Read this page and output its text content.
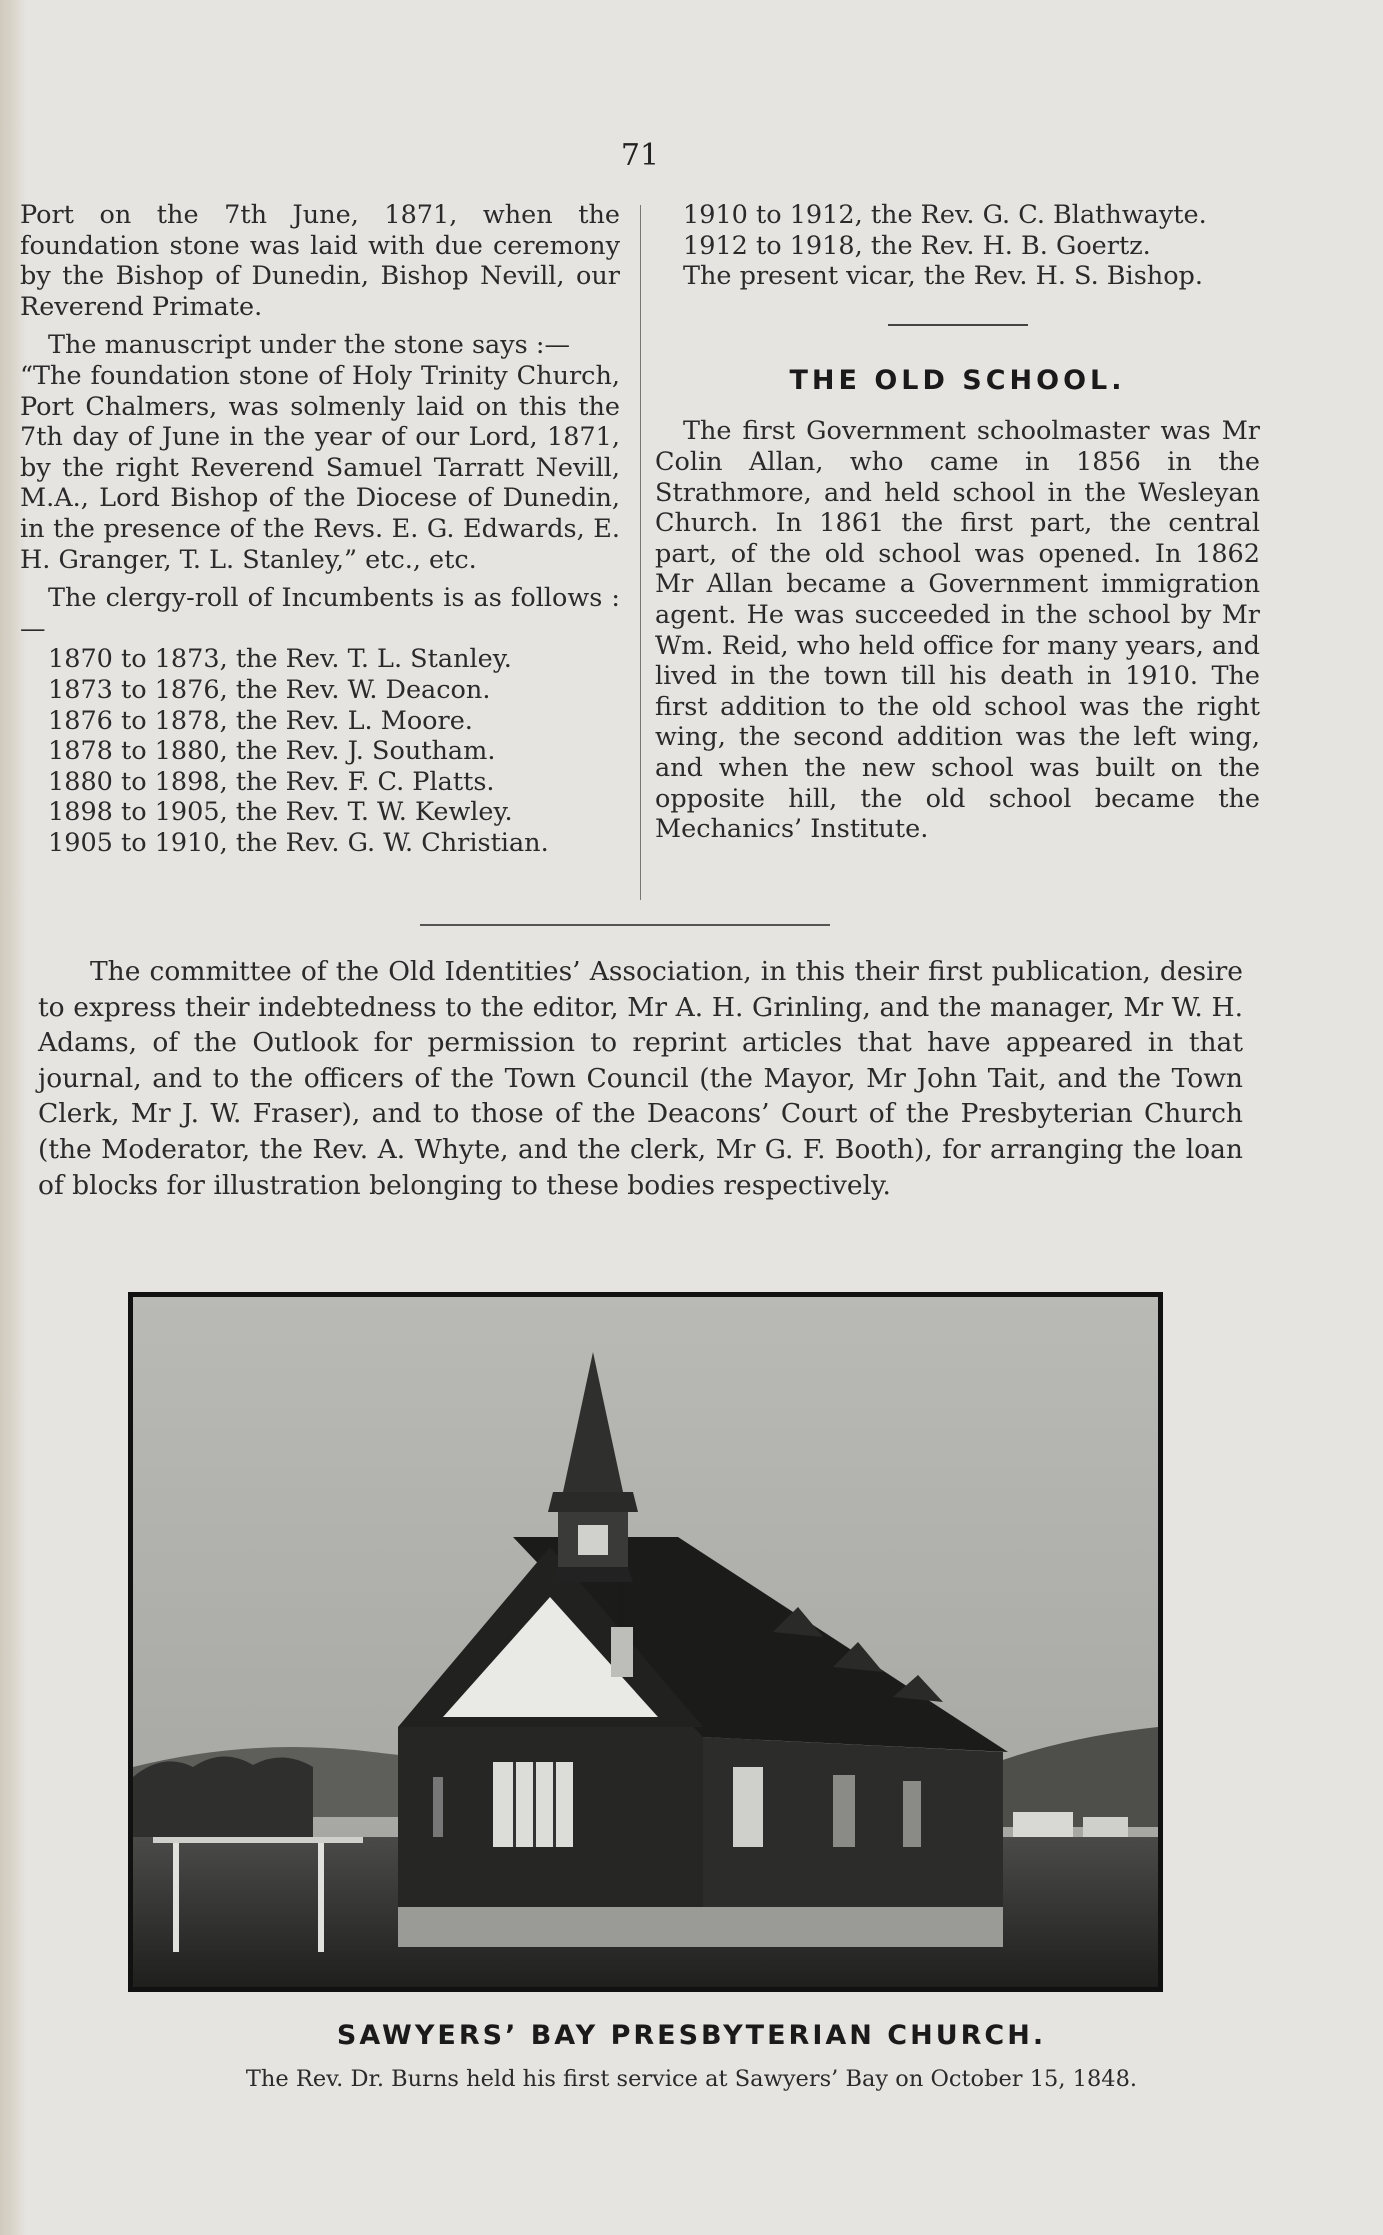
71

Port on the 7th June, 1871, when the foundation stone was laid with due ceremony by the Bishop of Dunedin, Bishop Nevill, our Reverend Primate.

The manuscript under the stone says :—

“The foundation stone of Holy Trinity Church, Port Chalmers, was solmenly laid on this the 7th day of June in the year of our Lord, 1871, by the right Reverend Samuel Tarratt Nevill, M.A., Lord Bishop of the Diocese of Dunedin, in the presence of the Revs. E. G. Edwards, E. H. Granger, T. L. Stanley,” etc., etc.

The clergy-roll of Incumbents is as follows :—

1870 to 1873, the Rev. T. L. Stanley.
1873 to 1876, the Rev. W. Deacon.
1876 to 1878, the Rev. L. Moore.
1878 to 1880, the Rev. J. Southam.
1880 to 1898, the Rev. F. C. Platts.
1898 to 1905, the Rev. T. W. Kewley.
1905 to 1910, the Rev. G. W. Christian.
1910 to 1912, the Rev. G. C. Blathwayte.
1912 to 1918, the Rev. H. B. Goertz.
The present vicar, the Rev. H. S. Bishop.
THE OLD SCHOOL.

The first Government schoolmaster was Mr Colin Allan, who came in 1856 in the Strathmore, and held school in the Wesleyan Church. In 1861 the first part, the central part, of the old school was opened. In 1862 Mr Allan became a Government immigration agent. He was succeeded in the school by Mr Wm. Reid, who held office for many years, and lived in the town till his death in 1910. The first addition to the old school was the right wing, the second addition was the left wing, and when the new school was built on the opposite hill, the old school became the Mechanics’ Institute.

The committee of the Old Identities’ Association, in this their first publication, desire to express their indebtedness to the editor, Mr A. H. Grinling, and the manager, Mr W. H. Adams, of the Outlook for permission to reprint articles that have appeared in that journal, and to the officers of the Town Council (the Mayor, Mr John Tait, and the Town Clerk, Mr J. W. Fraser), and to those of the Deacons’ Court of the Presbyterian Church (the Moderator, the Rev. A. Whyte, and the clerk, Mr G. F. Booth), for arranging the loan of blocks for illustration belonging to these bodies respectively.

SAWYERS’ BAY PRESBYTERIAN CHURCH.
The Rev. Dr. Burns held his first service at Sawyers’ Bay on October 15, 1848.
